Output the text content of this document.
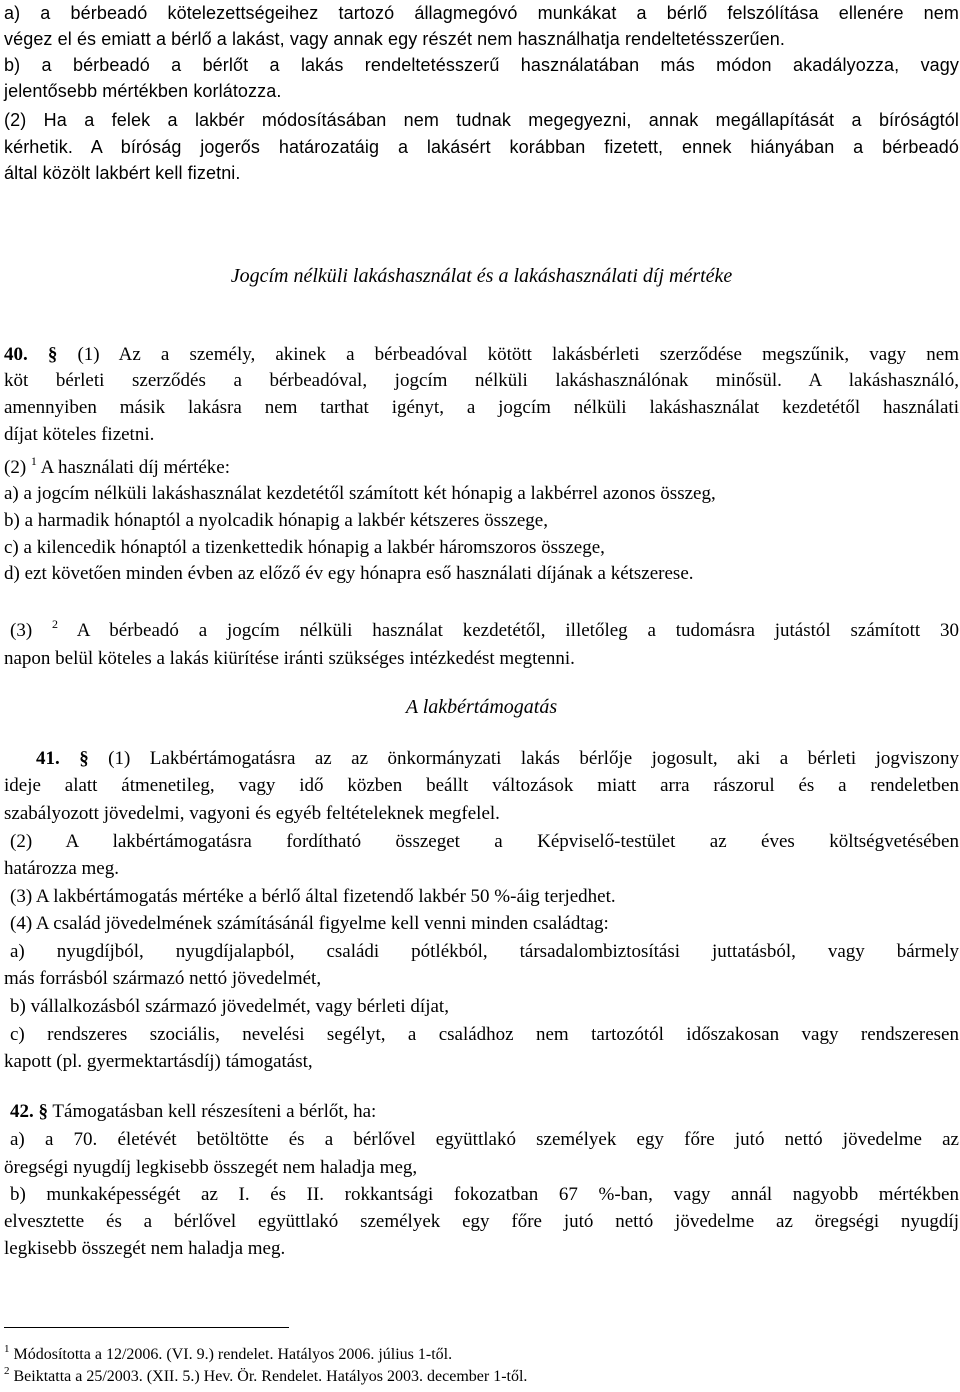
a) a bérbeadó kötelezettségeihez tartozó állagmegóvó munkákat a bérlő felszólítása ellenére nem
végez el és emiatt a bérlő a lakást, vagy annak egy részét nem használhatja rendeltetésszerűen.
b) a bérbeadó a bérlőt a lakás rendeltetésszerű használatában más módon akadályozza, vagy
jelentősebb mértékben korlátozza.
(2) Ha a felek a lakbér módosításában nem tudnak megegyezni, annak megállapítását a bíróságtól
kérhetik. A bíróság jogerős határozatáig a lakásért korábban fizetett, ennek hiányában a bérbeadó
által közölt lakbért kell fizetni.
Jogcím nélküli lakáshasználat és a lakáshasználati díj mértéke
40. § (1) Az a személy, akinek a bérbeadóval kötött lakásbérleti szerződése megszűnik, vagy nem
köt bérleti szerződés a bérbeadóval, jogcím nélküli lakáshasználónak minősül. A lakáshasználó,
amennyiben másik lakásra nem tarthat igényt, a jogcím nélküli lakáshasználat kezdetétől használati
díjat köteles fizetni.
(2) $^1$ A használati díj mértéke:
a) a jogcím nélküli lakáshasználat kezdetétől számított két hónapig a lakbérrel azonos összeg,
b) a harmadik hónaptól a nyolcadik hónapig a lakbér kétszeres összege,
c) a kilencedik hónaptól a tizenkettedik hónapig a lakbér háromszoros összege,
d) ezt követően minden évben az előző év egy hónapra eső használati díjának a kétszerese.
(3) $^2$ A bérbeadó a jogcím nélküli használat kezdetétől, illetőleg a tudomásra jutástól számított 30
napon belül köteles a lakás kiürítése iránti szükséges intézkedést megtenni.
A lakbértámogatás
41. § (1) Lakbértámogatásra az az önkormányzati lakás bérlője jogosult, aki a bérleti jogviszony
ideje alatt átmenetileg, vagy idő közben beállt változások miatt arra rászorul és a rendeletben
szabályozott jövedelmi, vagyoni és egyéb feltételeknek megfelel.
(2) A lakbértámogatásra fordítható összeget a Képviselő-testület az éves költségvetésében
határozza meg.
(3) A lakbértámogatás mértéke a bérlő által fizetendő lakbér 50 %-áig terjedhet.
(4) A család jövedelmének számításánál figyelme kell venni minden családtag:
a) nyugdíjból, nyugdíjalapból, családi pótlékból, társadalombiztosítási juttatásból, vagy bármely
más forrásból származó nettó jövedelmét,
b) vállalkozásból származó jövedelmét, vagy bérleti díjat,
c) rendszeres szociális, nevelési segélyt, a családhoz nem tartozótól időszakosan vagy rendszeresen
kapott (pl. gyermektartásdíj) támogatást,
42. § Támogatásban kell részesíteni a bérlőt, ha:
a) a 70. életévét betöltötte és a bérlővel együttlakó személyek egy főre jutó nettó jövedelme az
öregségi nyugdíj legkisebb összegét nem haladja meg,
b) munkaképességét az I. és II. rokkantsági fokozatban 67 %-ban, vagy annál nagyobb mértékben
elvesztette és a bérlővel együttlakó személyek egy főre jutó nettó jövedelme az öregségi nyugdíj
legkisebb összegét nem haladja meg.
$^1$ Módosította a 12/2006. (VI. 9.) rendelet. Hatályos 2006. július 1-től.
$^2$ Beiktatta a 25/2003. (XII. 5.) Hev. Ör. Rendelet. Hatályos 2003. december 1-től.
